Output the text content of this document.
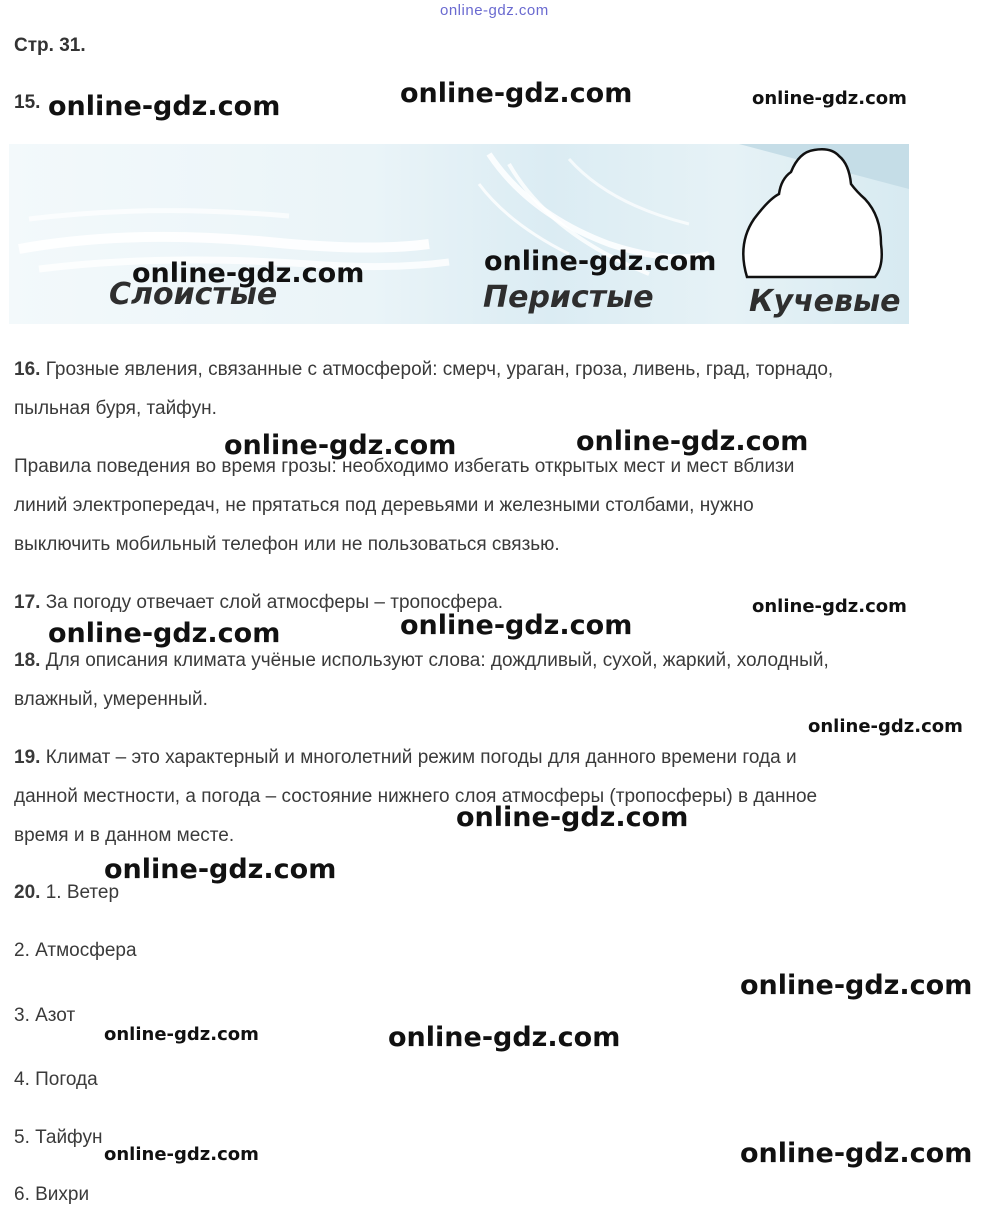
online-gdz.com
Стр. 31.
15.
Слоистые	Перистые	Кучевые
16. Грозные явления, связанные с атмосферой: смерч, ураган, гроза, ливень, град, торнадо,
пыльная буря, тайфун.
Правила поведения во время грозы: необходимо избегать открытых мест и мест вблизи
линий электропередач, не прятаться под деревьями и железными столбами, нужно
выключить мобильный телефон или не пользоваться связью.
17. За погоду отвечает слой атмосферы – тропосфера.
18. Для описания климата учёные используют слова: дождливый, сухой, жаркий, холодный,
влажный, умеренный.
19. Климат – это характерный и многолетний режим погоды для данного времени года и
данной местности, а погода – состояние нижнего слоя атмосферы (тропосферы) в данное
время и в данном месте.
20. 1. Ветер
2. Атмосфера
3. Азот
4. Погода
5. Тайфун
6. Вихри
online-gdz.com	online-gdz.com	online-gdz.com
online-gdz.com	online-gdz.com
online-gdz.com	online-gdz.com
online-gdz.com
online-gdz.com	online-gdz.com
online-gdz.com
online-gdz.com
online-gdz.com
online-gdz.com
online-gdz.com	online-gdz.com
online-gdz.com	online-gdz.com
